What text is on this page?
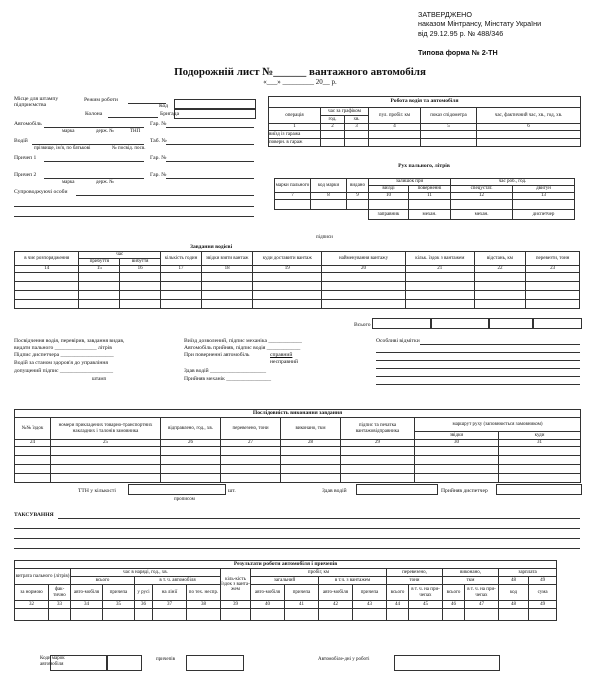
ЗАТВЕРДЖЕНО
наказом Мінтрансу, Мінстату України
від 29.12.95 р. № 488/346
Типова форма № 2-ТН
Подорожній лист №______ вантажного автомобіля
«___» _________ 20__ р.
Місце для штампу підприємства
Режим роботи
Код
Колона	Бригада
Автомобіль	Гар. №
марка	держ. №	ТНП
Водій	Таб. №
прізвище, ім'я, по батькові	№ посвід. посв.
Причеп 1	Гар. №
Причеп 2	Гар. №
марка	держ. №
Супроводжуючі особи
Робота водія та автомобіля					
операція	час за графіком		пул. пробіг. км	показ спідометра	час, фактичний час, хв., год, хв.
	год.	хв.			
1	2	3	4	5	6
виїзд із гаража					
поверн. в гараж					
Рух пального, літрів
марки пального	код марки	видано	залишок при		час роб., год.	
			виїзді	поверненні	спецустат.	двигун
7	8	9	10	11	12	13

			заправник	механ.	механ.	диспетчер
підписи
Завдання водієві
в чиє розпорядження	час		кількість годин	звідки взяти вантаж	куди доставити вантаж	найменування вантажу	кільк. їздок з вантажем	відстань, км	перевезти, тонн
	прибуття	вибуття							
14	15	16	17	18	19	20	21	22	23

Всього
Посвідчення водія, перевірив, завдання видав,
видати пального _______________ літрів
Підпис диспетчера ___________________
Водій за станом здоров'я до управління
допущений підпис ___________________
штамп
Виїзд дозволений, підпис механіка ____________
Автомобіль прийняв, підпис водія ____________
При поверненні автомобіль	справний
несправний
Здав водій ____________________
Прийняв механік ________________
Особливі відмітки
Послідовність виконання завдання							
№№ їздок	номери прикладених товарно-транспортних накладних і талонів замовника	відправлено, год., хв.	перевезено, тони	виконано, ткм	підпис та печатка вантажовідправника	маршрут руху (заповнюється замовником)	
						звідки	куди
24	25	26	27	28	29	30	31

ТТН у кількості	шт.
прописом
Здав водій	Прийняв диспетчер
ТАКСУВАННЯ
Результати роботи автомобіля і причепів																		
витрата пального (літрів)		час в наряді, год., хв.					кіль-кість їздок з ванта-жем	пробіг, км				перевезено,		виконано,		зарплата		
		всього		в т. ч. автомобіля				загальний		в т.ч. з вантажем		тони		ткм		48	49	
за нормою	фак-тично	авто-мобіля	причепа	у русі	на лінії	по тех. неспр.		авто-мобіля	причепа	авто-мобіля	причепа	всього	в т. ч. на при-чепах	всього	в т. ч. на при-чепах	код	сума	
32	33	34	35	36	37	38	39	40	41	42	43	44	45	46	47	48	49	

Коди марок автомобіля
причепів	Автомобіле-дні у роботі
